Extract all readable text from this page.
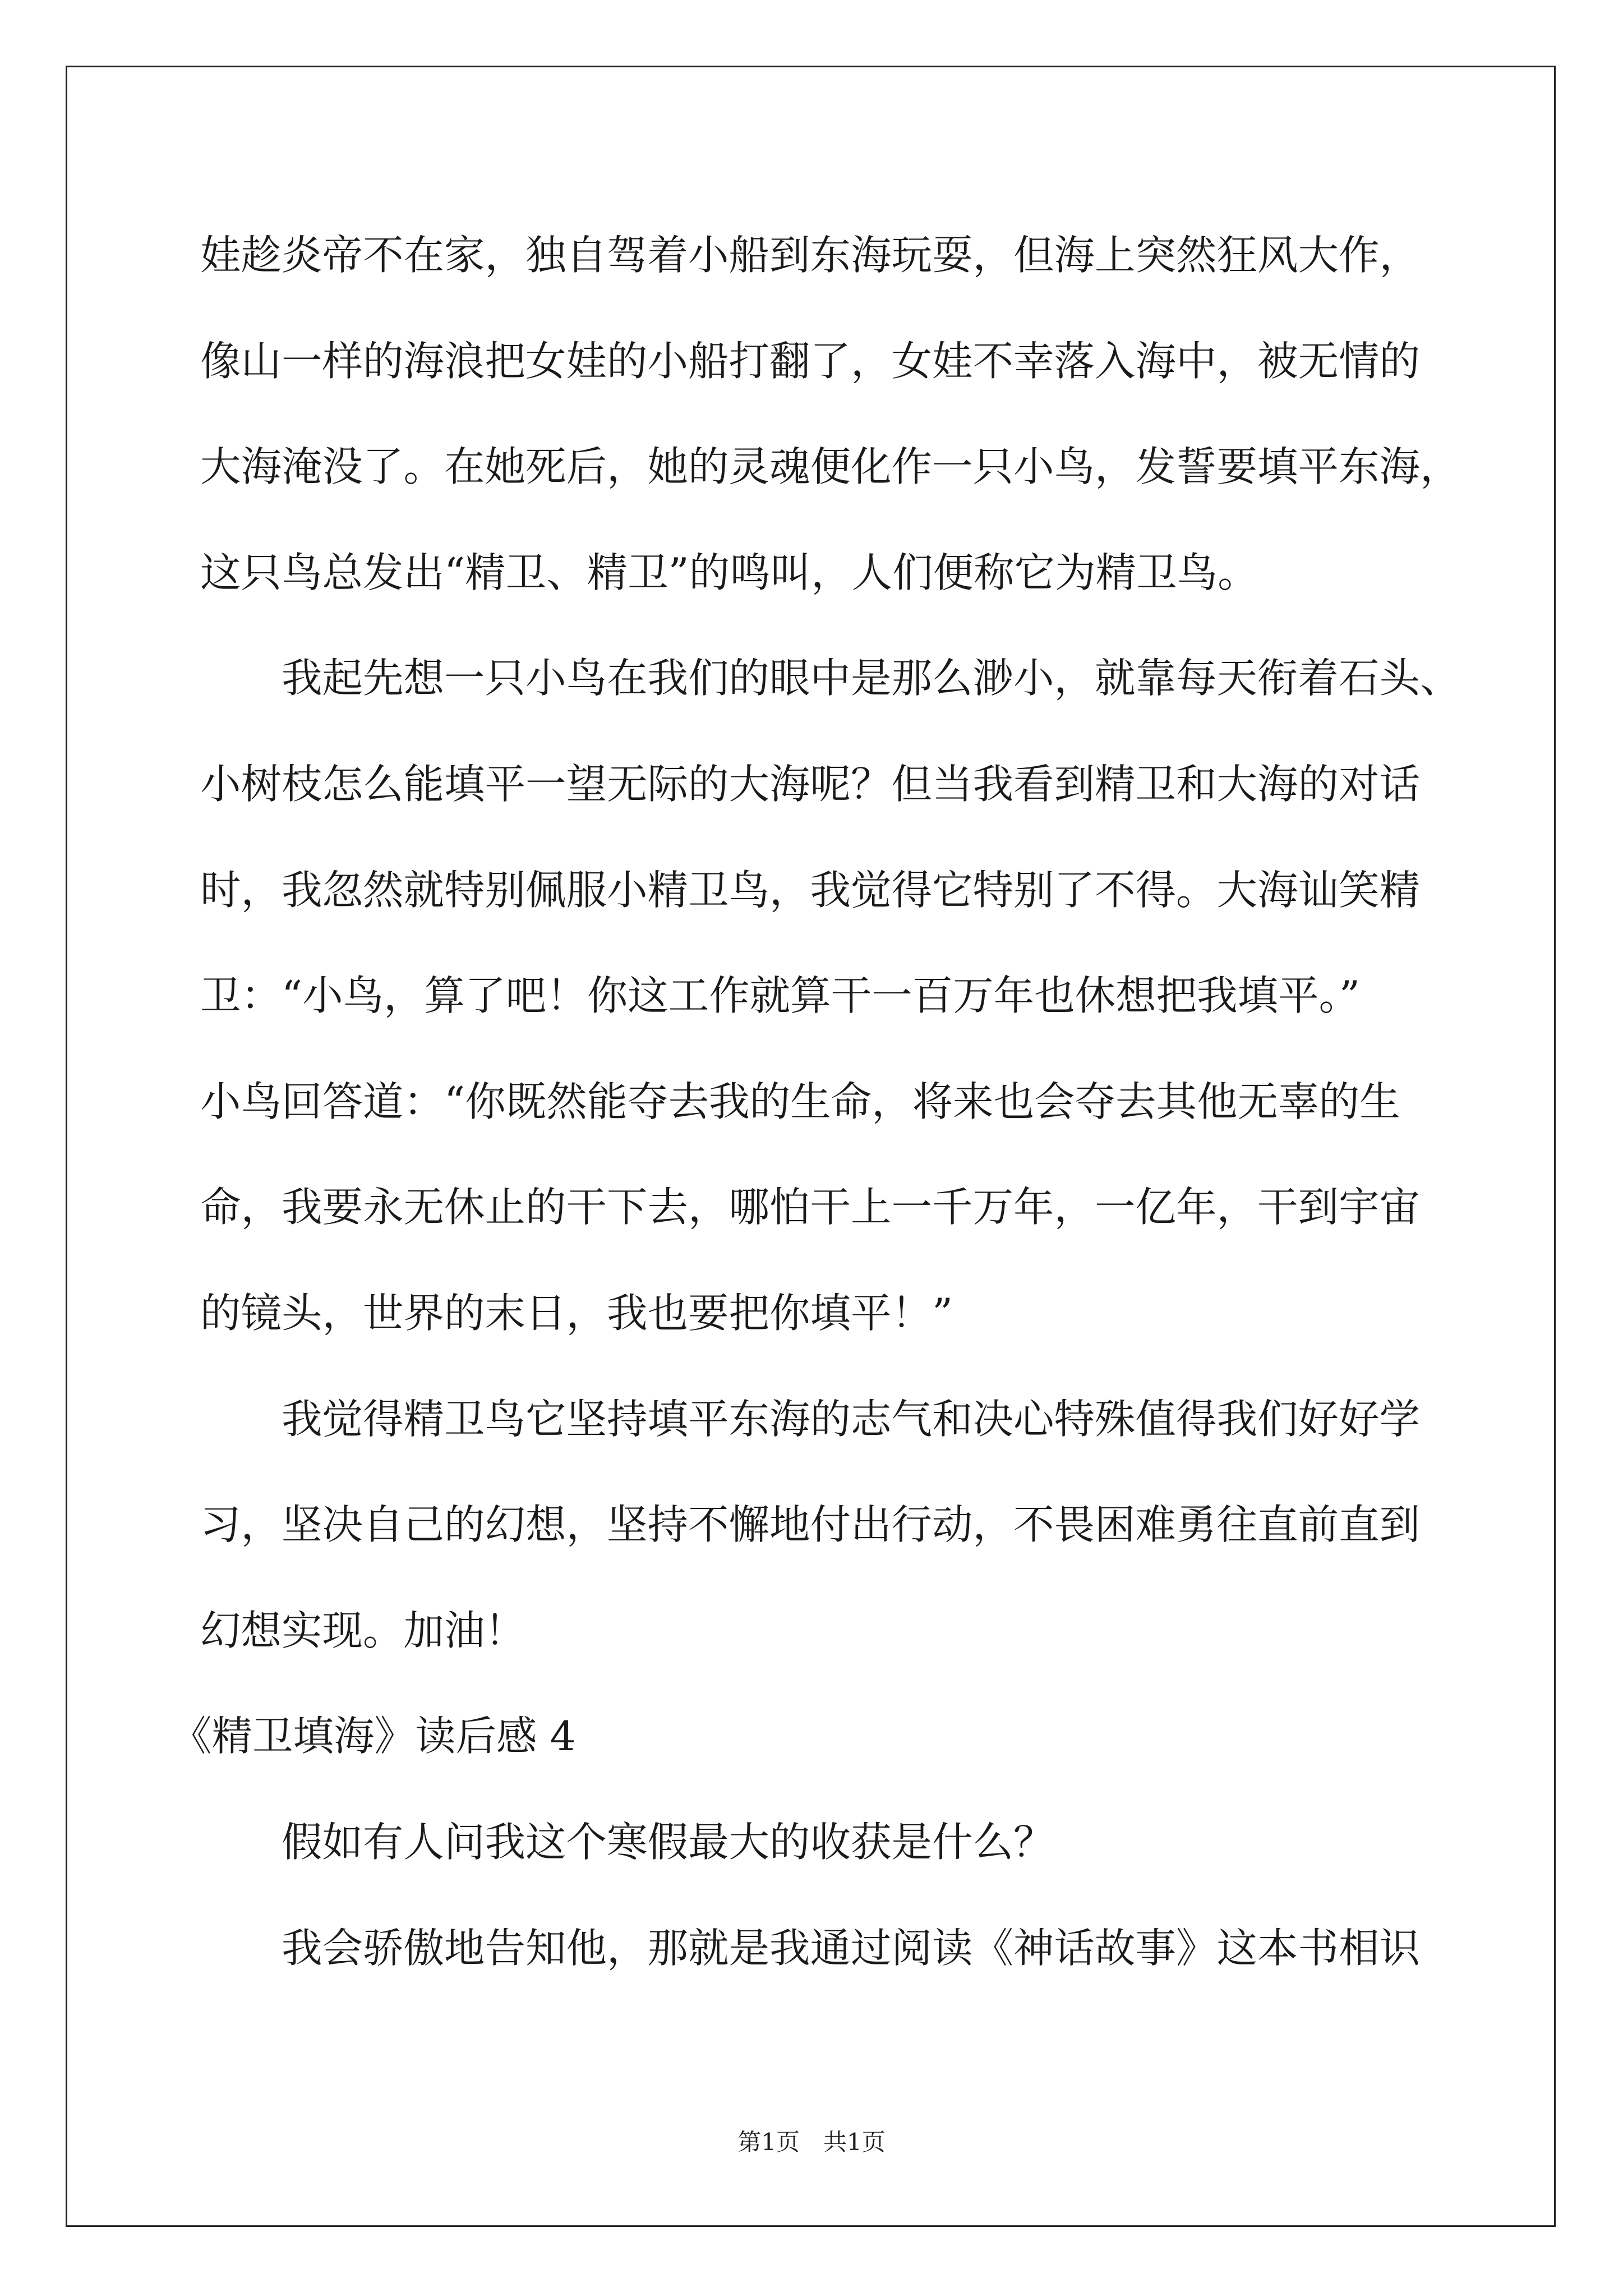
娃趁炎帝不在家，独自驾着小船到东海玩耍，但海上突然狂风大作，
像山一样的海浪把女娃的小船打翻了，女娃不幸落入海中，被无情的
大海淹没了。在她死后，她的灵魂便化作一只小鸟，发誓要填平东海，
这只鸟总发出“精卫、精卫”的鸣叫，人们便称它为精卫鸟。
我起先想一只小鸟在我们的眼中是那么渺小，就靠每天衔着石头、
小树枝怎么能填平一望无际的大海呢？但当我看到精卫和大海的对话
时，我忽然就特别佩服小精卫鸟，我觉得它特别了不得。大海讪笑精
卫：“小鸟，算了吧！你这工作就算干一百万年也休想把我填平。”
小鸟回答道：“你既然能夺去我的生命，将来也会夺去其他无辜的生
命，我要永无休止的干下去，哪怕干上一千万年，一亿年，干到宇宙
的镜头，世界的末日，我也要把你填平！”
我觉得精卫鸟它坚持填平东海的志气和决心特殊值得我们好好学
习，坚决自己的幻想，坚持不懈地付出行动，不畏困难勇往直前直到
幻想实现。加油！
《精卫填海》读后感 4
假如有人问我这个寒假最大的收获是什么？
我会骄傲地告知他，那就是我通过阅读《神话故事》这本书相识
第1页　共1页
